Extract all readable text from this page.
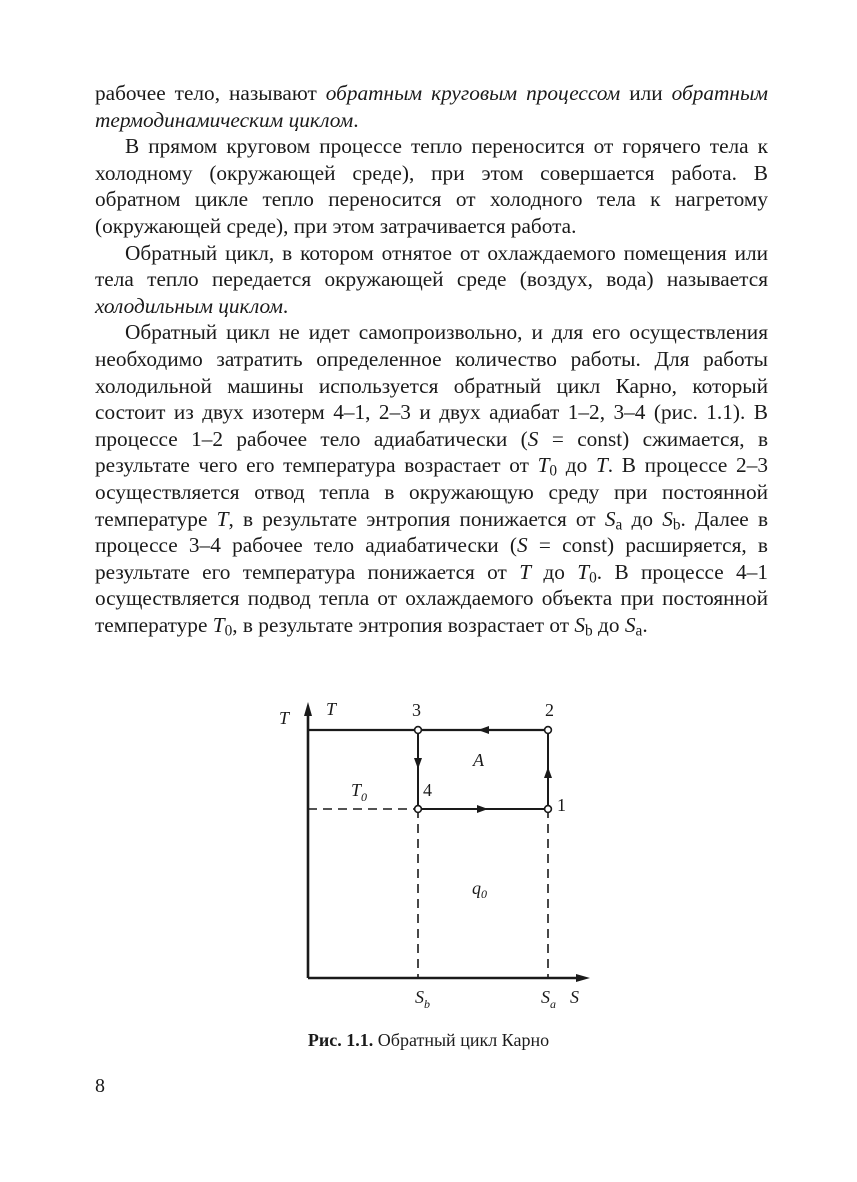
рабочее тело, называют обратным круговым процессом или обратным термодинамическим циклом.

В прямом круговом процессе тепло переносится от горячего тела к холодному (окружающей среде), при этом совершается работа. В обратном цикле тепло переносится от холодного тела к нагретому (окружающей среде), при этом затрачивается работа.

Обратный цикл, в котором отнятое от охлаждаемого помещения или тела тепло передается окружающей среде (воздух, вода) называется холодильным циклом.

Обратный цикл не идет самопроизвольно, и для его осуществления необходимо затратить определенное количество работы. Для работы холодильной машины используется обратный цикл Карно, который состоит из двух изотерм 4–1, 2–3 и двух адиабат 1–2, 3–4 (рис. 1.1). В процессе 1–2 рабочее тело адиабатически (S = const) сжимается, в результате чего его температура возрастает от $T_0$ до T. В процессе 2–3 осуществляется отвод тепла в окружающую среду при постоянной температуре T, в результате энтропия понижается от $S_a$ до $S_b$. Далее в процессе 3–4 рабочее тело адиабатически (S = const) расширяется, в результате его температура понижается от T до $T_0$. В процессе 4–1 осуществляется подвод тепла от охлаждаемого объекта при постоянной температуре $T_0$, в результате энтропия возрастает от $S_b$ до $S_a$.

T T	3	2
A
$T_0$	4
1
$q_0$
$S_b$	$S_a$ S
Рис. 1.1. Обратный цикл Карно
8
